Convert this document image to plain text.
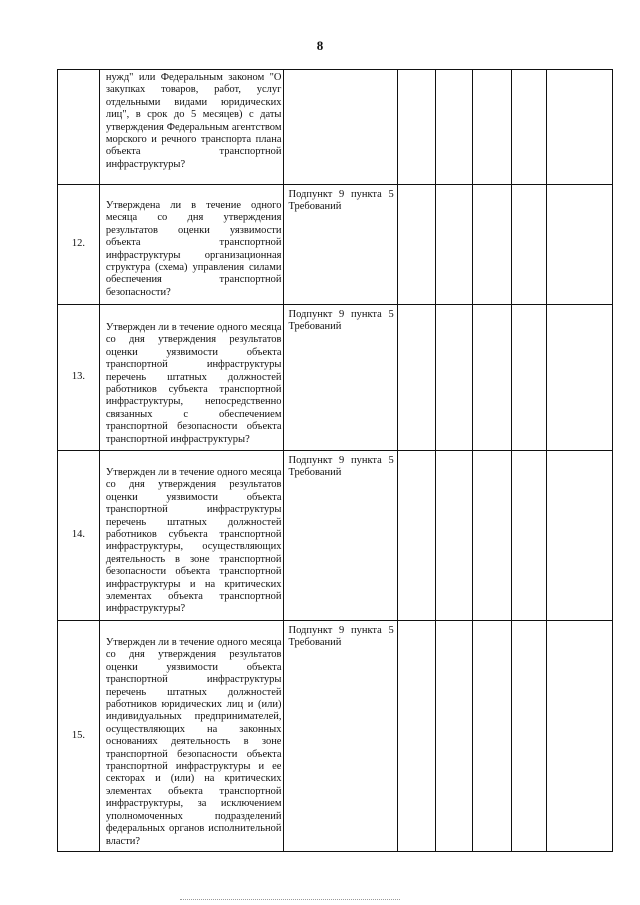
8

	нужд" или Федеральным законом "О закупках товаров, работ, услуг отдельными видами юридических лиц", в срок до 5 месяцев) с даты утверждения Федеральным агентством морского и речного транспорта плана объекта транспортной инфраструктуры?						

12.	Утверждена ли в течение одного месяца со дня утверждения результатов оценки уязвимости объекта транспортной инфраструктуры организационная структура (схема) управления силами обеспечения транспортной безопасности?	Подпункт 9 пункта 5 Требований					

13.	Утвержден ли в течение одного месяца со дня утверждения результатов оценки уязвимости объекта транспортной инфраструктуры перечень штатных должностей работников субъекта транспортной инфраструктуры, непосредственно связанных с обеспечением транспортной безопасности объекта транспортной инфраструктуры?	Подпункт 9 пункта 5 Требований					

14.	Утвержден ли в течение одного месяца со дня утверждения результатов оценки уязвимости объекта транспортной инфраструктуры перечень штатных должностей работников субъекта транспортной инфраструктуры, осуществляющих деятельность в зоне транспортной безопасности объекта транспортной инфраструктуры и на критических элементах объекта транспортной инфраструктуры?	Подпункт 9 пункта 5 Требований					

15.	Утвержден ли в течение одного месяца со дня утверждения результатов оценки уязвимости объекта транспортной инфраструктуры перечень штатных должностей работников юридических лиц и (или) индивидуальных предпринимателей, осуществляющих на законных основаниях деятельность в зоне транспортной безопасности объекта транспортной инфраструктуры и ее секторах и (или) на критических элементах объекта транспортной инфраструктуры, за исключением уполномоченных подразделений федеральных органов исполнительной власти?	Подпункт 9 пункта 5 Требований					
